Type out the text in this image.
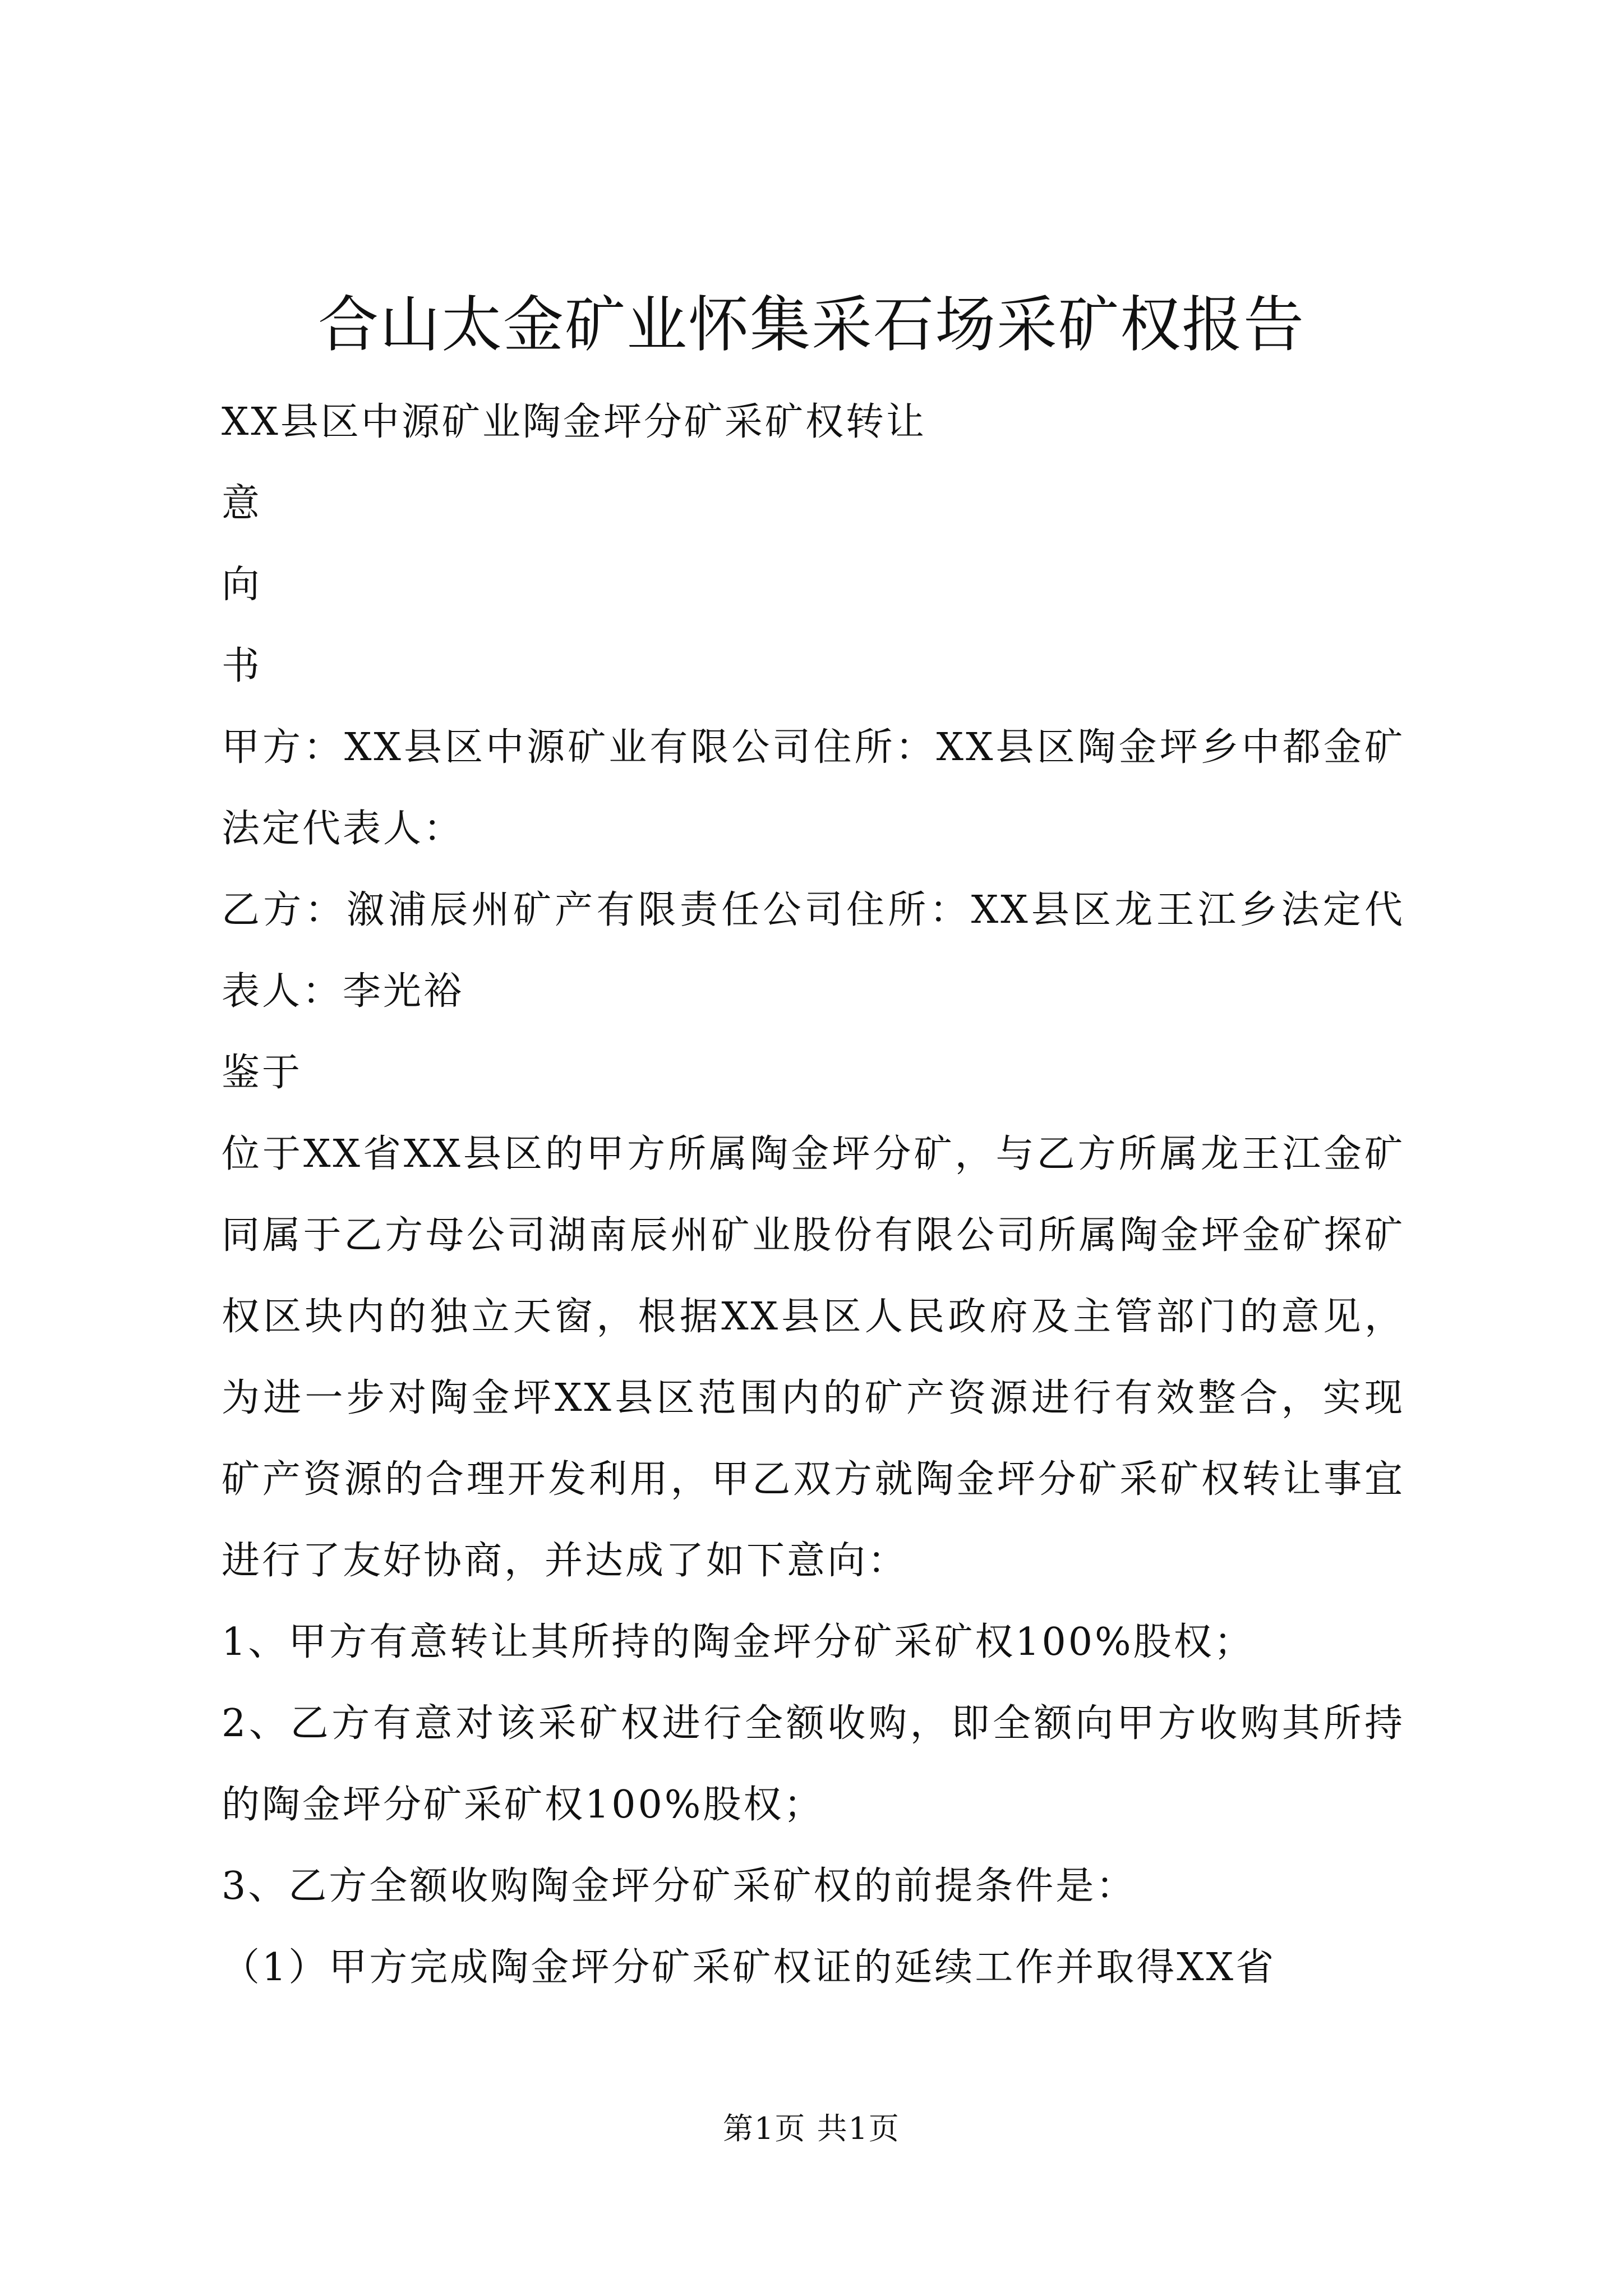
合山太金矿业怀集采石场采矿权报告

XX县区中源矿业陶金坪分矿采矿权转让

意

向

书

甲方：XX县区中源矿业有限公司住所：XX县区陶金坪乡中都金矿法定代表人：

乙方：溆浦辰州矿产有限责任公司住所：XX县区龙王江乡法定代表人：李光裕

鉴于

位于XX省XX县区的甲方所属陶金坪分矿，与乙方所属龙王江金矿同属于乙方母公司湖南辰州矿业股份有限公司所属陶金坪金矿探矿权区块内的独立天窗，根据XX县区人民政府及主管部门的意见，为进一步对陶金坪XX县区范围内的矿产资源进行有效整合，实现矿产资源的合理开发利用，甲乙双方就陶金坪分矿采矿权转让事宜进行了友好协商，并达成了如下意向：

1、甲方有意转让其所持的陶金坪分矿采矿权100%股权；

2、乙方有意对该采矿权进行全额收购，即全额向甲方收购其所持的陶金坪分矿采矿权100%股权；

3、乙方全额收购陶金坪分矿采矿权的前提条件是：

（1）甲方完成陶金坪分矿采矿权证的延续工作并取得XX省

第1页 共1页
